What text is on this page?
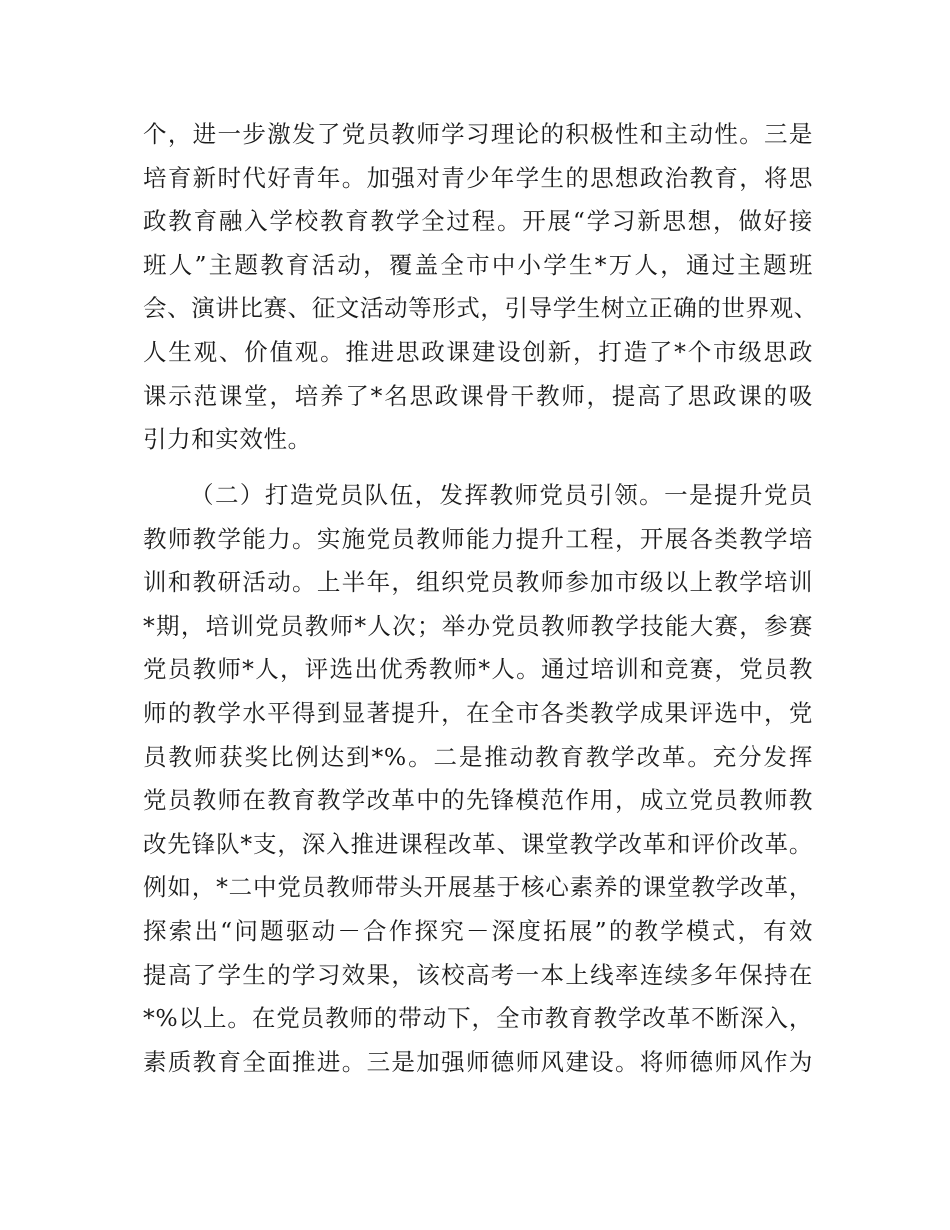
个，进一步激发了党员教师学习理论的积极性和主动性。三是
培育新时代好青年。加强对青少年学生的思想政治教育，将思
政教育融入学校教育教学全过程。开展“学习新思想，做好接
班人”主题教育活动，覆盖全市中小学生*万人，通过主题班
会、演讲比赛、征文活动等形式，引导学生树立正确的世界观、
人生观、价值观。推进思政课建设创新，打造了*个市级思政
课示范课堂，培养了*名思政课骨干教师，提高了思政课的吸
引力和实效性。
（二）打造党员队伍，发挥教师党员引领。一是提升党员
教师教学能力。实施党员教师能力提升工程，开展各类教学培
训和教研活动。上半年，组织党员教师参加市级以上教学培训
*期，培训党员教师*人次；举办党员教师教学技能大赛，参赛
党员教师*人，评选出优秀教师*人。通过培训和竞赛，党员教
师的教学水平得到显著提升，在全市各类教学成果评选中，党
员教师获奖比例达到*%。二是推动教育教学改革。充分发挥
党员教师在教育教学改革中的先锋模范作用，成立党员教师教
改先锋队*支，深入推进课程改革、课堂教学改革和评价改革。
例如，*二中党员教师带头开展基于核心素养的课堂教学改革，
探索出“问题驱动－合作探究－深度拓展”的教学模式，有效
提高了学生的学习效果，该校高考一本上线率连续多年保持在
*%以上。在党员教师的带动下，全市教育教学改革不断深入，
素质教育全面推进。三是加强师德师风建设。将师德师风作为
